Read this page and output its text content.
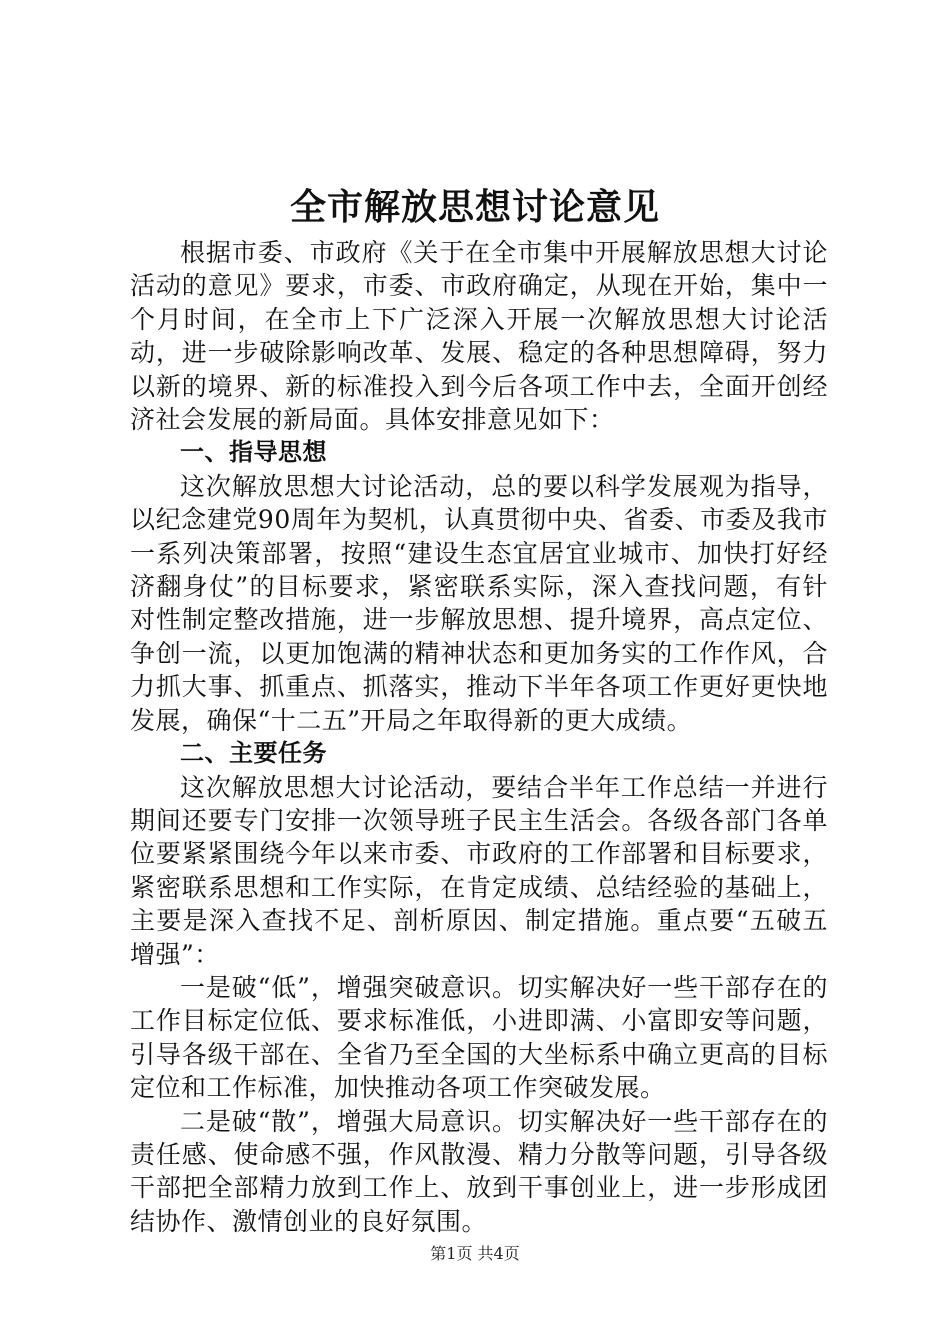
全市解放思想讨论意见

根据市委、市政府《关于在全市集中开展解放思想大讨论活动的意见》要求，市委、市政府确定，从现在开始，集中一个月时间，在全市上下广泛深入开展一次解放思想大讨论活动，进一步破除影响改革、发展、稳定的各种思想障碍，努力以新的境界、新的标准投入到今后各项工作中去，全面开创经济社会发展的新局面。具体安排意见如下：

一、指导思想

这次解放思想大讨论活动，总的要以科学发展观为指导，以纪念建党90周年为契机，认真贯彻中央、省委、市委及我市一系列决策部署，按照“建设生态宜居宜业城市、加快打好经济翻身仗”的目标要求，紧密联系实际，深入查找问题，有针对性制定整改措施，进一步解放思想、提升境界，高点定位、争创一流，以更加饱满的精神状态和更加务实的工作作风，合力抓大事、抓重点、抓落实，推动下半年各项工作更好更快地发展，确保“十二五”开局之年取得新的更大成绩。

二、主要任务

这次解放思想大讨论活动，要结合半年工作总结一并进行期间还要专门安排一次领导班子民主生活会。各级各部门各单位要紧紧围绕今年以来市委、市政府的工作部署和目标要求，紧密联系思想和工作实际，在肯定成绩、总结经验的基础上，主要是深入查找不足、剖析原因、制定措施。重点要“五破五增强”：

一是破“低”，增强突破意识。切实解决好一些干部存在的工作目标定位低、要求标准低，小进即满、小富即安等问题，引导各级干部在、全省乃至全国的大坐标系中确立更高的目标定位和工作标准，加快推动各项工作突破发展。

二是破“散”，增强大局意识。切实解决好一些干部存在的责任感、使命感不强，作风散漫、精力分散等问题，引导各级干部把全部精力放到工作上、放到干事创业上，进一步形成团结协作、激情创业的良好氛围。

第1页 共4页
